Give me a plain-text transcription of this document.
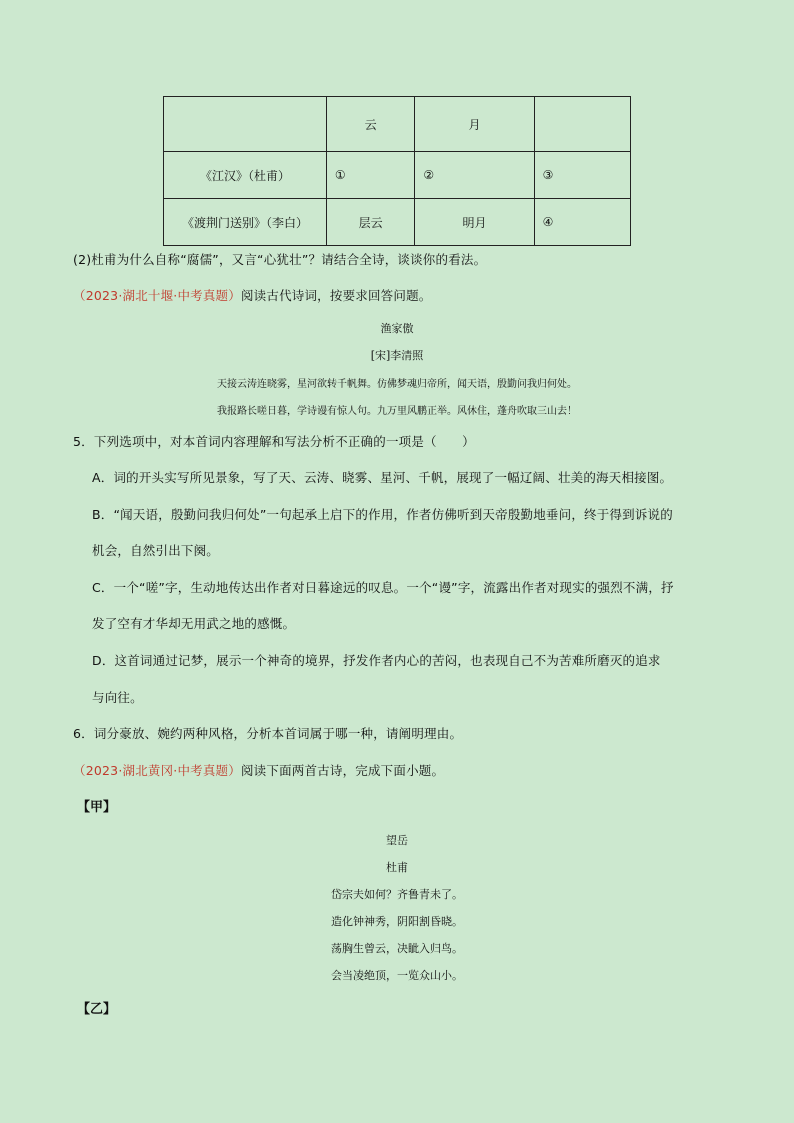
	云	月	
《江汉》（杜甫）	①	②	③
《渡荆门送别》（李白）	层云	明月	④
(2)杜甫为什么自称“腐儒”，又言“心犹壮”？请结合全诗，谈谈你的看法。
（2023·湖北十堰·中考真题）阅读古代诗词，按要求回答问题。
渔家傲
[宋]李清照
天接云涛连晓雾，星河欲转千帆舞。仿佛梦魂归帝所，闻天语，殷勤问我归何处。
我报路长嗟日暮，学诗谩有惊人句。九万里风鹏正举。风休住，蓬舟吹取三山去！
5．下列选项中，对本首词内容理解和写法分析不正确的一项是（　　）
A．词的开头实写所见景象，写了天、云涛、晓雾、星河、千帆，展现了一幅辽阔、壮美的海天相接图。
B．“闻天语，殷勤问我归何处”一句起承上启下的作用，作者仿佛听到天帝殷勤地垂问，终于得到诉说的
机会，自然引出下阕。
C．一个“嗟”字，生动地传达出作者对日暮途远的叹息。一个“谩”字，流露出作者对现实的强烈不满，抒
发了空有才华却无用武之地的感慨。
D．这首词通过记梦，展示一个神奇的境界，抒发作者内心的苦闷，也表现自己不为苦难所磨灭的追求
与向往。
6．词分豪放、婉约两种风格，分析本首词属于哪一种，请阐明理由。
（2023·湖北黄冈·中考真题）阅读下面两首古诗，完成下面小题。
【甲】
望岳
杜甫
岱宗夫如何？齐鲁青未了。
造化钟神秀，阴阳割昏晓。
荡胸生曾云，决眦入归鸟。
会当凌绝顶，一览众山小。
【乙】
